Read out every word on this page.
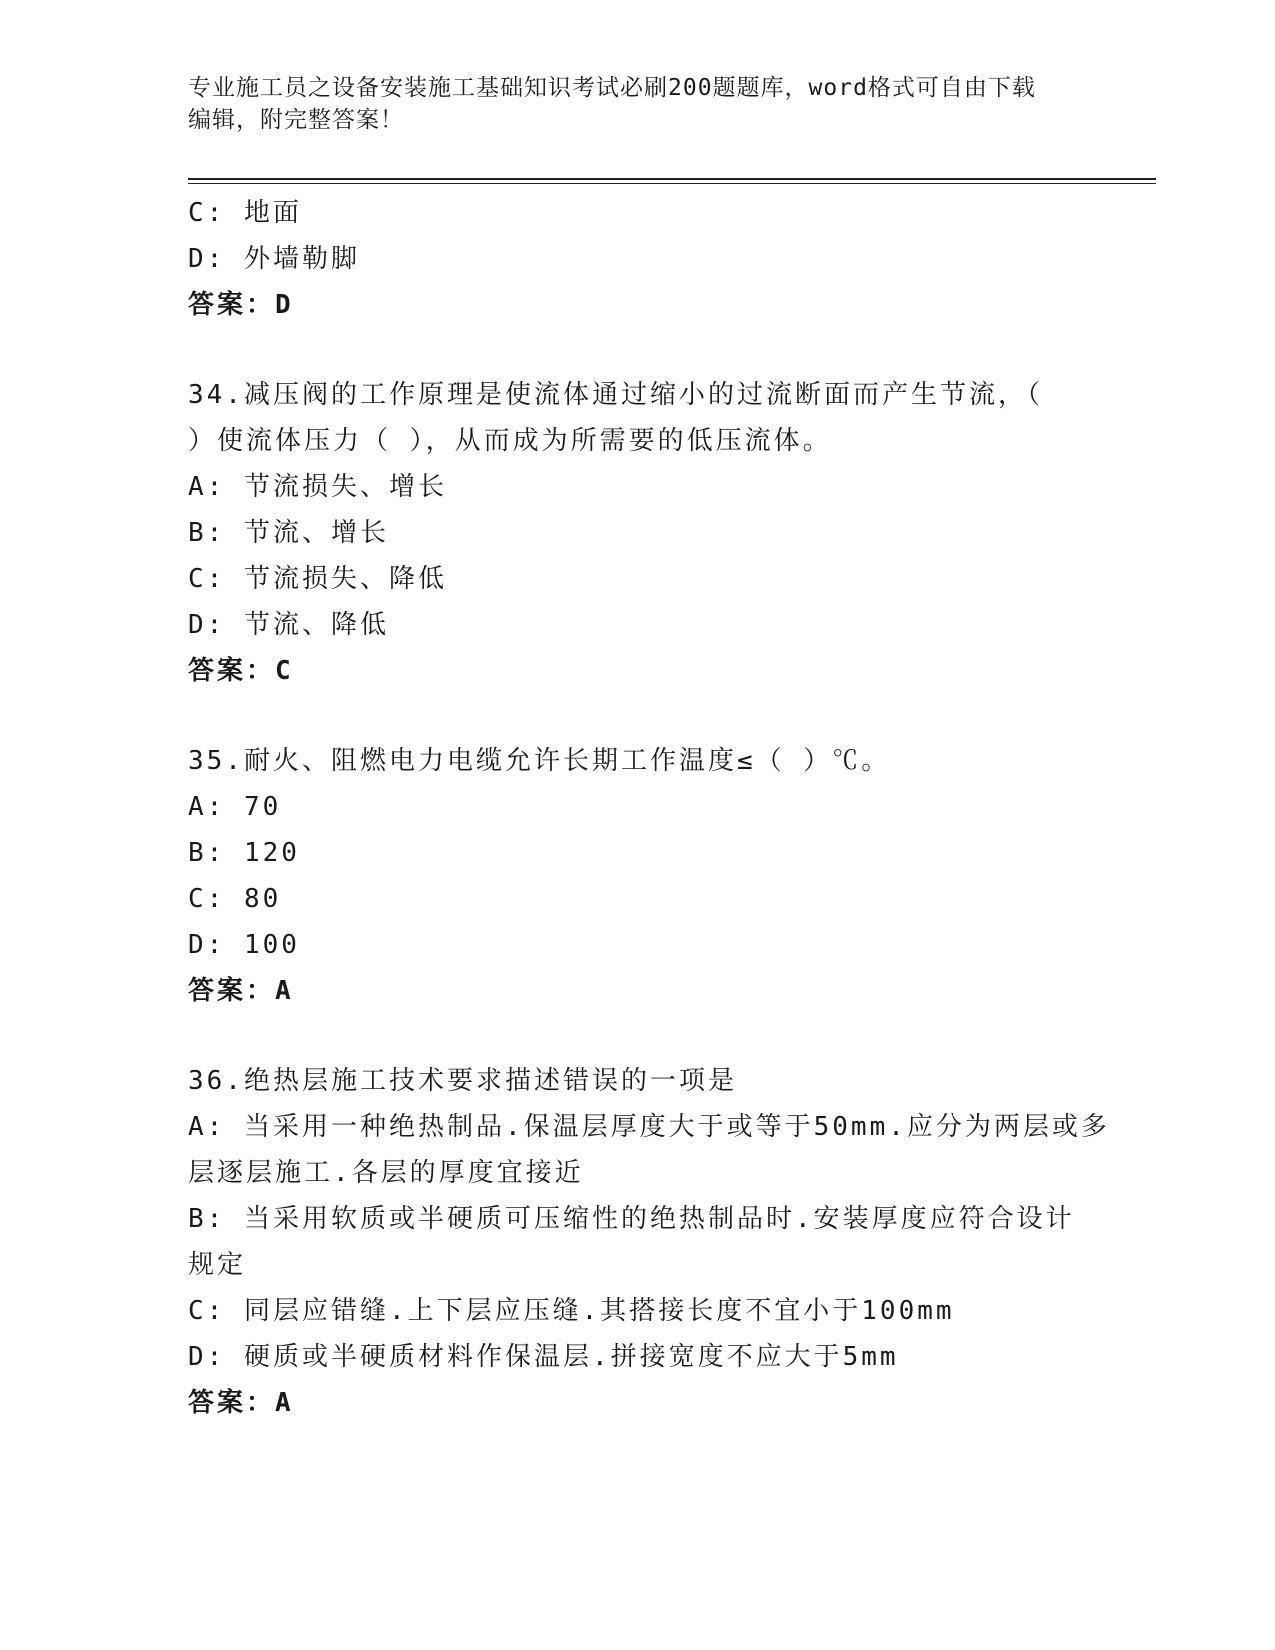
专业施工员之设备安装施工基础知识考试必刷200题题库，word格式可自由下载
编辑，附完整答案！
C: 地面
D: 外墙勒脚
答案：D
34.减压阀的工作原理是使流体通过缩小的过流断面而产生节流，（
）使流体压力（ ），从而成为所需要的低压流体。
A: 节流损失、增长
B: 节流、增长
C: 节流损失、降低
D: 节流、降低
答案：C
35.耐火、阻燃电力电缆允许长期工作温度≤（ ）℃。
A: 70
B: 120
C: 80
D: 100
答案：A
36.绝热层施工技术要求描述错误的一项是
A: 当采用一种绝热制品.保温层厚度大于或等于50mm.应分为两层或多
层逐层施工.各层的厚度宜接近
B: 当采用软质或半硬质可压缩性的绝热制品时.安装厚度应符合设计
规定
C: 同层应错缝.上下层应压缝.其搭接长度不宜小于100mm
D: 硬质或半硬质材料作保温层.拼接宽度不应大于5mm
答案：A
